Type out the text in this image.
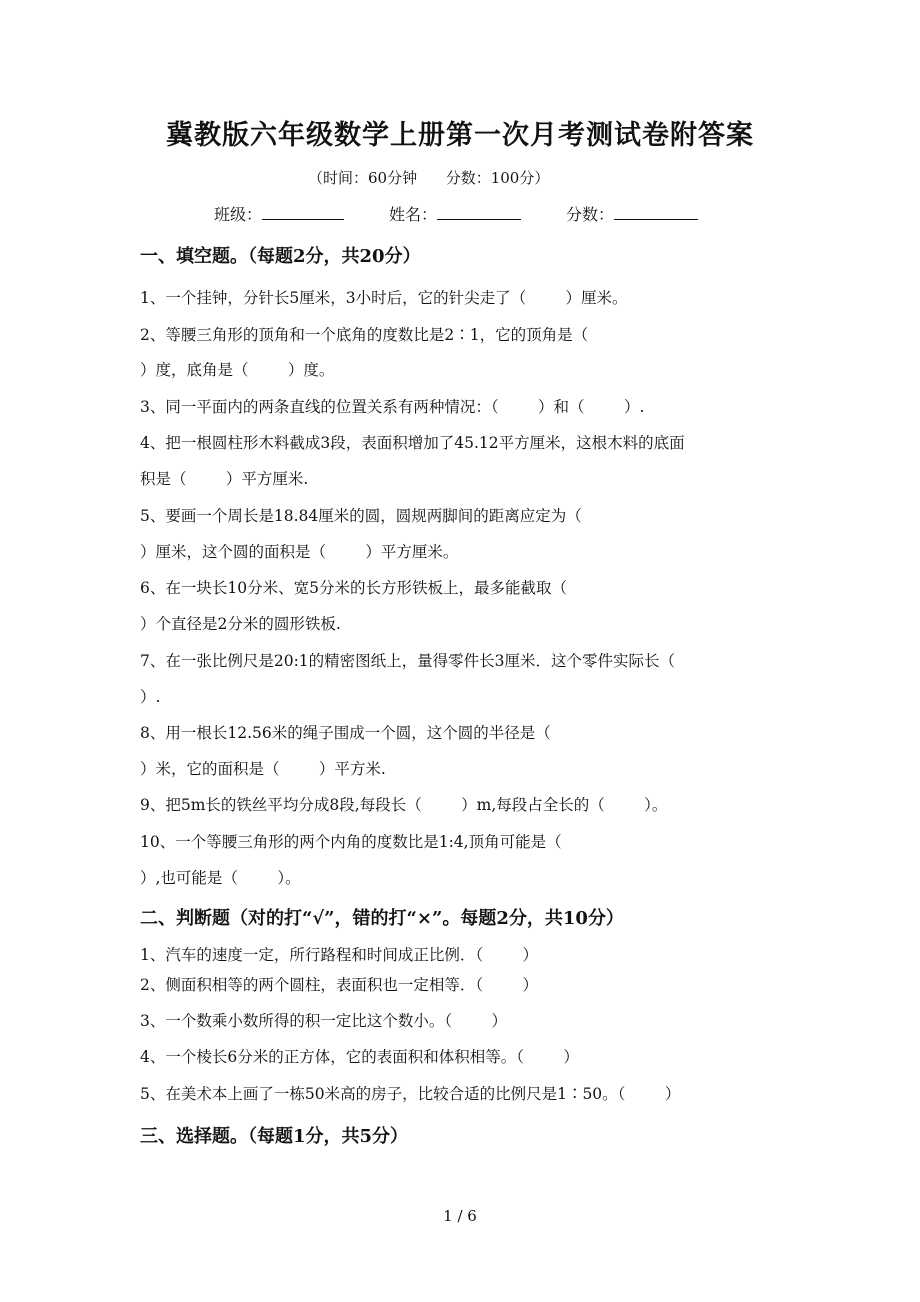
冀教版六年级数学上册第一次月考测试卷附答案
（时间：60分钟      分数：100分）
班级：	姓名：	分数：
一、填空题。（每题2分，共20分）
1、一个挂钟，分针长5厘米，3小时后，它的针尖走了（        ）厘米。
2、等腰三角形的顶角和一个底角的度数比是2∶1，它的顶角是（
）度，底角是（        ）度。
3、同一平面内的两条直线的位置关系有两种情况：（        ）和（        ）.
4、把一根圆柱形木料截成3段，表面积增加了45.12平方厘米，这根木料的底面
积是（        ）平方厘米.
5、要画一个周长是18.84厘米的圆，圆规两脚间的距离应定为（
）厘米，这个圆的面积是（        ）平方厘米。
6、在一块长10分米、宽5分米的长方形铁板上，最多能截取（
）个直径是2分米的圆形铁板.
7、在一张比例尺是20:1的精密图纸上，量得零件长3厘米．这个零件实际长（
）.
8、用一根长12.56米的绳子围成一个圆，这个圆的半径是（
）米，它的面积是（        ）平方米.
9、把5m长的铁丝平均分成8段,每段长（        ）m,每段占全长的（        ）。
10、一个等腰三角形的两个内角的度数比是1:4,顶角可能是（
）,也可能是（        ）。
二、判断题（对的打“√”，错的打“×”。每题2分，共10分）
1、汽车的速度一定，所行路程和时间成正比例．（        ）
2、侧面积相等的两个圆柱，表面积也一定相等．（        ）
3、一个数乘小数所得的积一定比这个数小。（        ）
4、一个棱长6分米的正方体，它的表面积和体积相等。（        ）
5、在美术本上画了一栋50米高的房子，比较合适的比例尺是1∶50。（        ）
三、选择题。（每题1分，共5分）
1 / 6
